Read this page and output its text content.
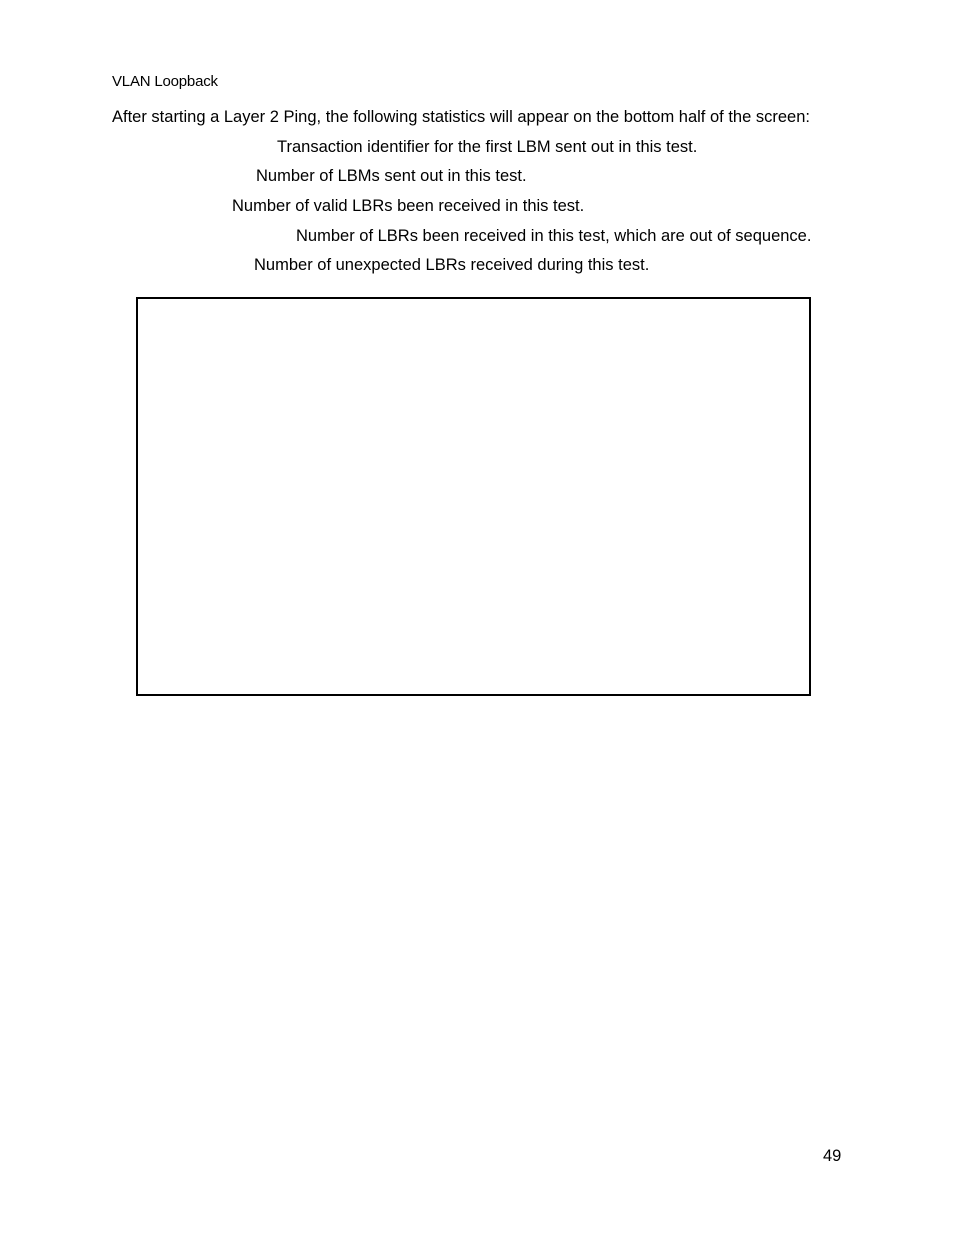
VLAN Loopback
After starting a Layer 2 Ping, the following statistics will appear on the bottom half of the screen:
Transaction identifier for the first LBM sent out in this test.
Number of LBMs sent out in this test.
Number of valid LBRs been received in this test.
Number of LBRs been received in this test, which are out of sequence.
Number of unexpected LBRs received during this test.
49
